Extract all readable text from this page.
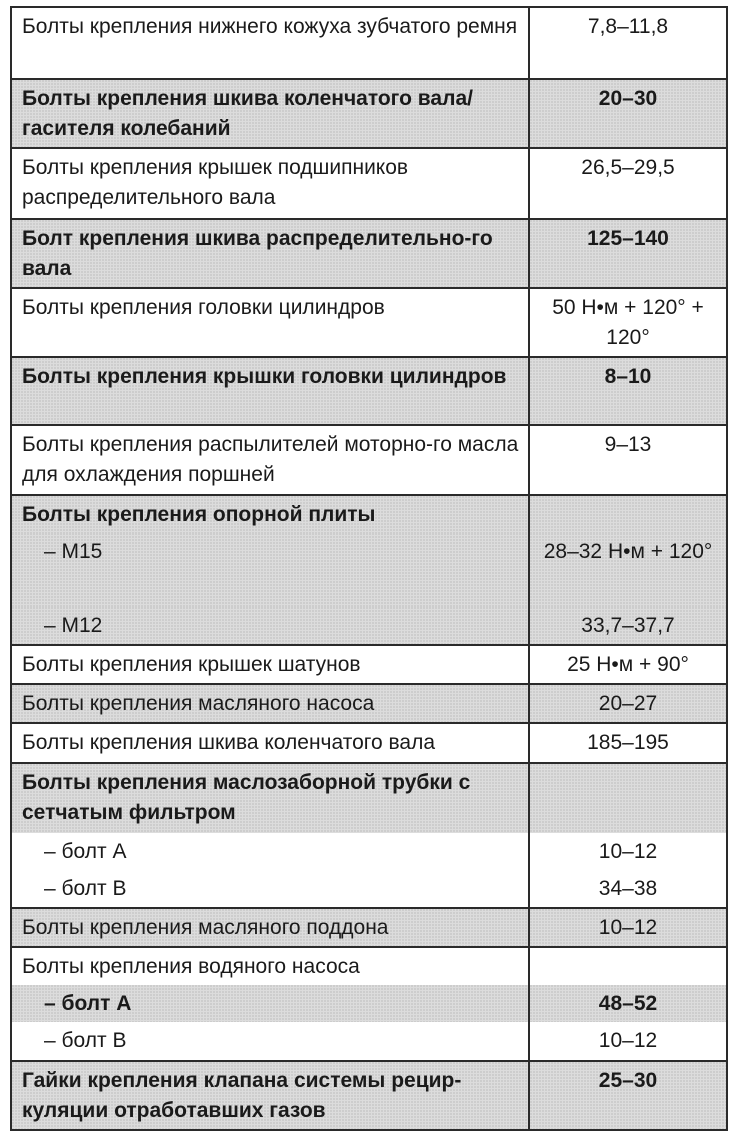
Болты крепления нижнего кожуха зубчатого ремня	7,8–11,8
Болты крепления шкива коленчатого вала/ гасителя колебаний	20–30
Болты крепления крышек подшипников распределительного вала	26,5–29,5
Болт крепления шкива распределительно-го вала	125–140
Болты крепления головки цилиндров	50 Н•м + 120° + 120°
Болты крепления крышки головки цилиндров	8–10
Болты крепления распылителей моторно-го масла для охлаждения поршней	9–13
Болты крепления опорной плиты	
– М15	28–32 Н•м + 120°
– М12	33,7–37,7
Болты крепления крышек шатунов	25 Н•м + 90°
Болты крепления масляного насоса	20–27
Болты крепления шкива коленчатого вала	185–195
Болты крепления маслозаборной трубки с сетчатым фильтром	
– болт A	10–12
– болт B	34–38
Болты крепления масляного поддона	10–12
Болты крепления водяного насоса	
– болт A	48–52
– болт B	10–12
Гайки крепления клапана системы рецир-куляции отработавших газов	25–30
